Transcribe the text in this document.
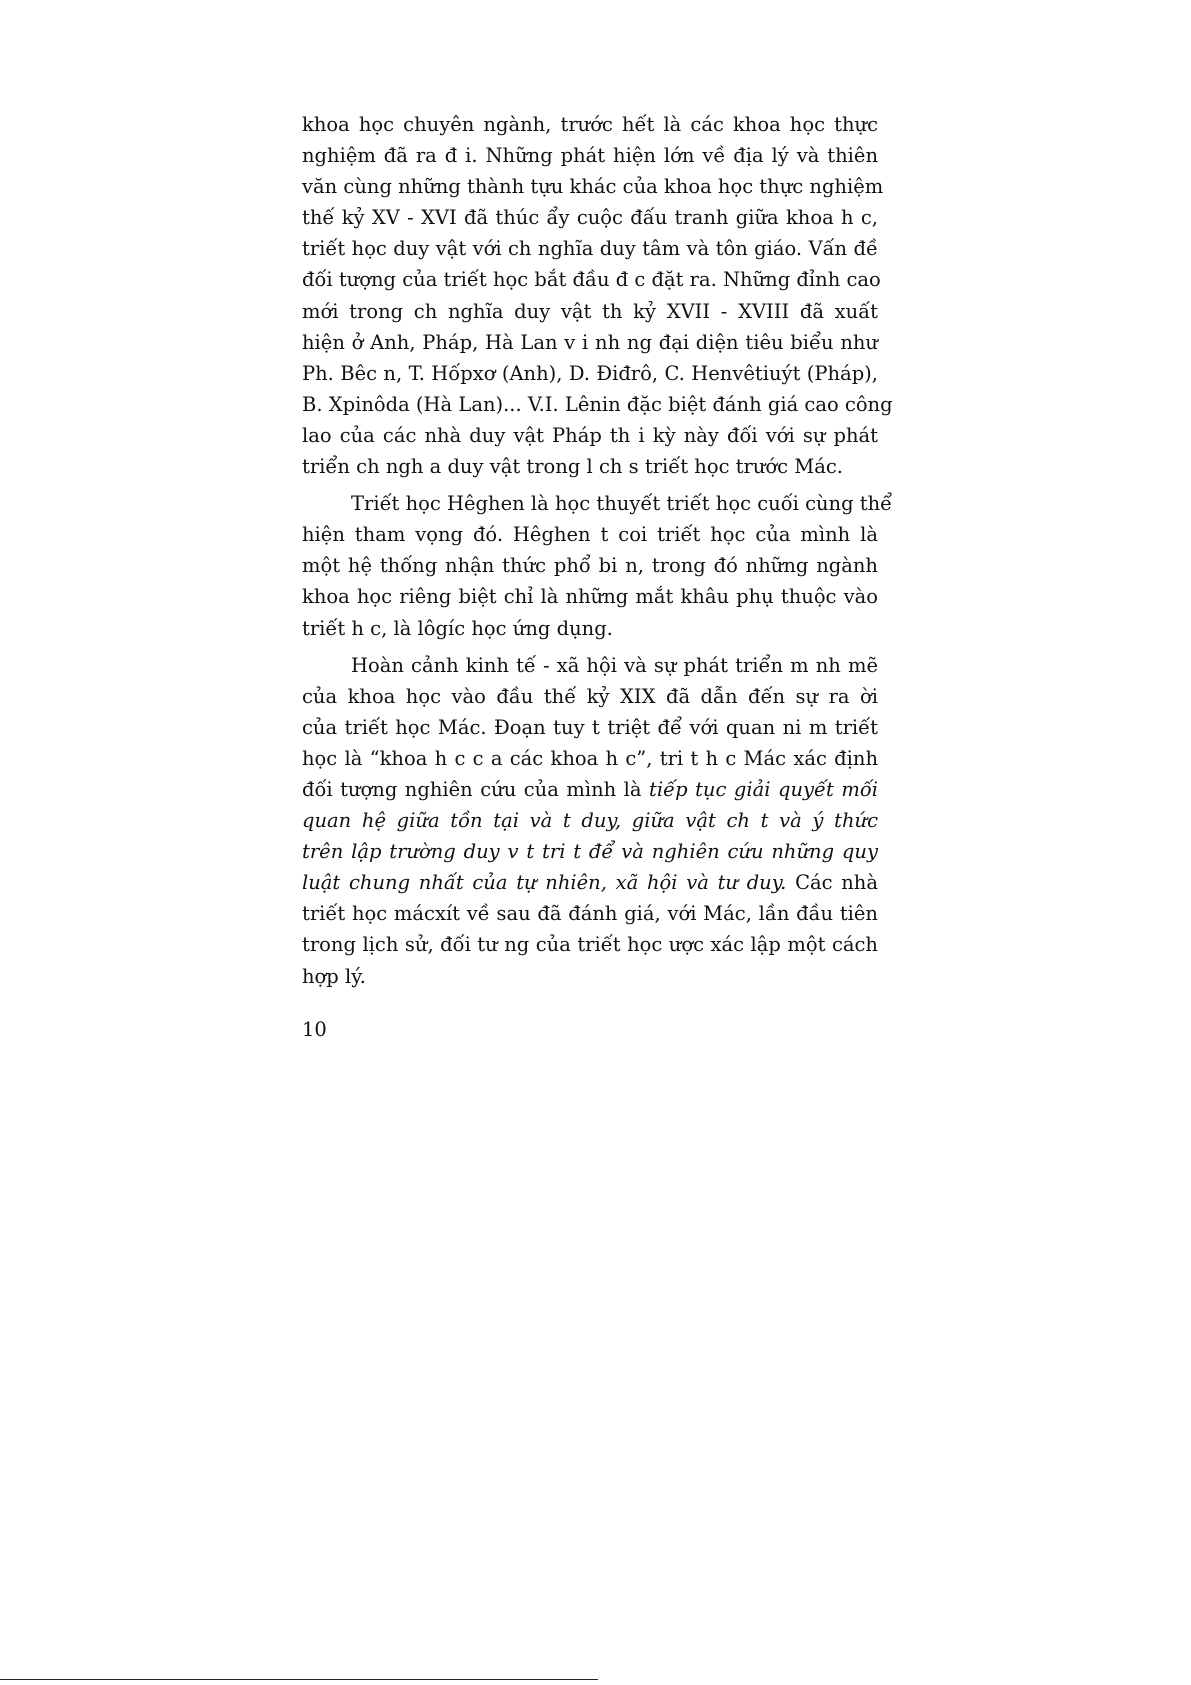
khoa học chuyên ngành, trước hết là các khoa học thực
nghiệm đã ra đ i. Những phát hiện lớn về địa lý và thiên
văn cùng những thành tựu khác của khoa học thực nghiệm
thế kỷ XV - XVI đã thúc ẩy cuộc đấu tranh giữa khoa h c,
triết học duy vật với ch nghĩa duy tâm và tôn giáo. Vấn đề
đối tượng của triết học bắt đầu đ c đặt ra. Những đỉnh cao
mới trong ch nghĩa duy vật th kỷ XVII - XVIII đã xuất
hiện ở Anh, Pháp, Hà Lan v i nh ng đại diện tiêu biểu như
Ph. Bêc n, T. Hốpxơ (Anh), D. Điđrô, C. Henvêtiuýt (Pháp),
B. Xpinôda (Hà Lan)... V.I. Lênin đặc biệt đánh giá cao công
lao của các nhà duy vật Pháp th i kỳ này đối với sự phát
triển ch ngh a duy vật trong l ch s triết học trước Mác.
Triết học Hêghen là học thuyết triết học cuối cùng thể
hiện tham vọng đó. Hêghen t coi triết học của mình là
một hệ thống nhận thức phổ bi n, trong đó những ngành
khoa học riêng biệt chỉ là những mắt khâu phụ thuộc vào
triết h c, là lôgíc học ứng dụng.
Hoàn cảnh kinh tế - xã hội và sự phát triển m nh mẽ
của khoa học vào đầu thế kỷ XIX đã dẫn đến sự ra ời
của triết học Mác. Đoạn tuy t triệt để với quan ni m triết
học là “khoa h c c a các khoa h c”, tri t h c Mác xác định
đối tượng nghiên cứu của mình là tiếp tục giải quyết mối
quan hệ giữa tồn tại và t duy, giữa vật ch t và ý thức
trên lập trường duy v t tri t để và nghiên cứu những quy
luật chung nhất của tự nhiên, xã hội và tư duy. Các nhà
triết học mácxít về sau đã đánh giá, với Mác, lần đầu tiên
trong lịch sử, đối tư ng của triết học ược xác lập một cách
hợp lý.
10
